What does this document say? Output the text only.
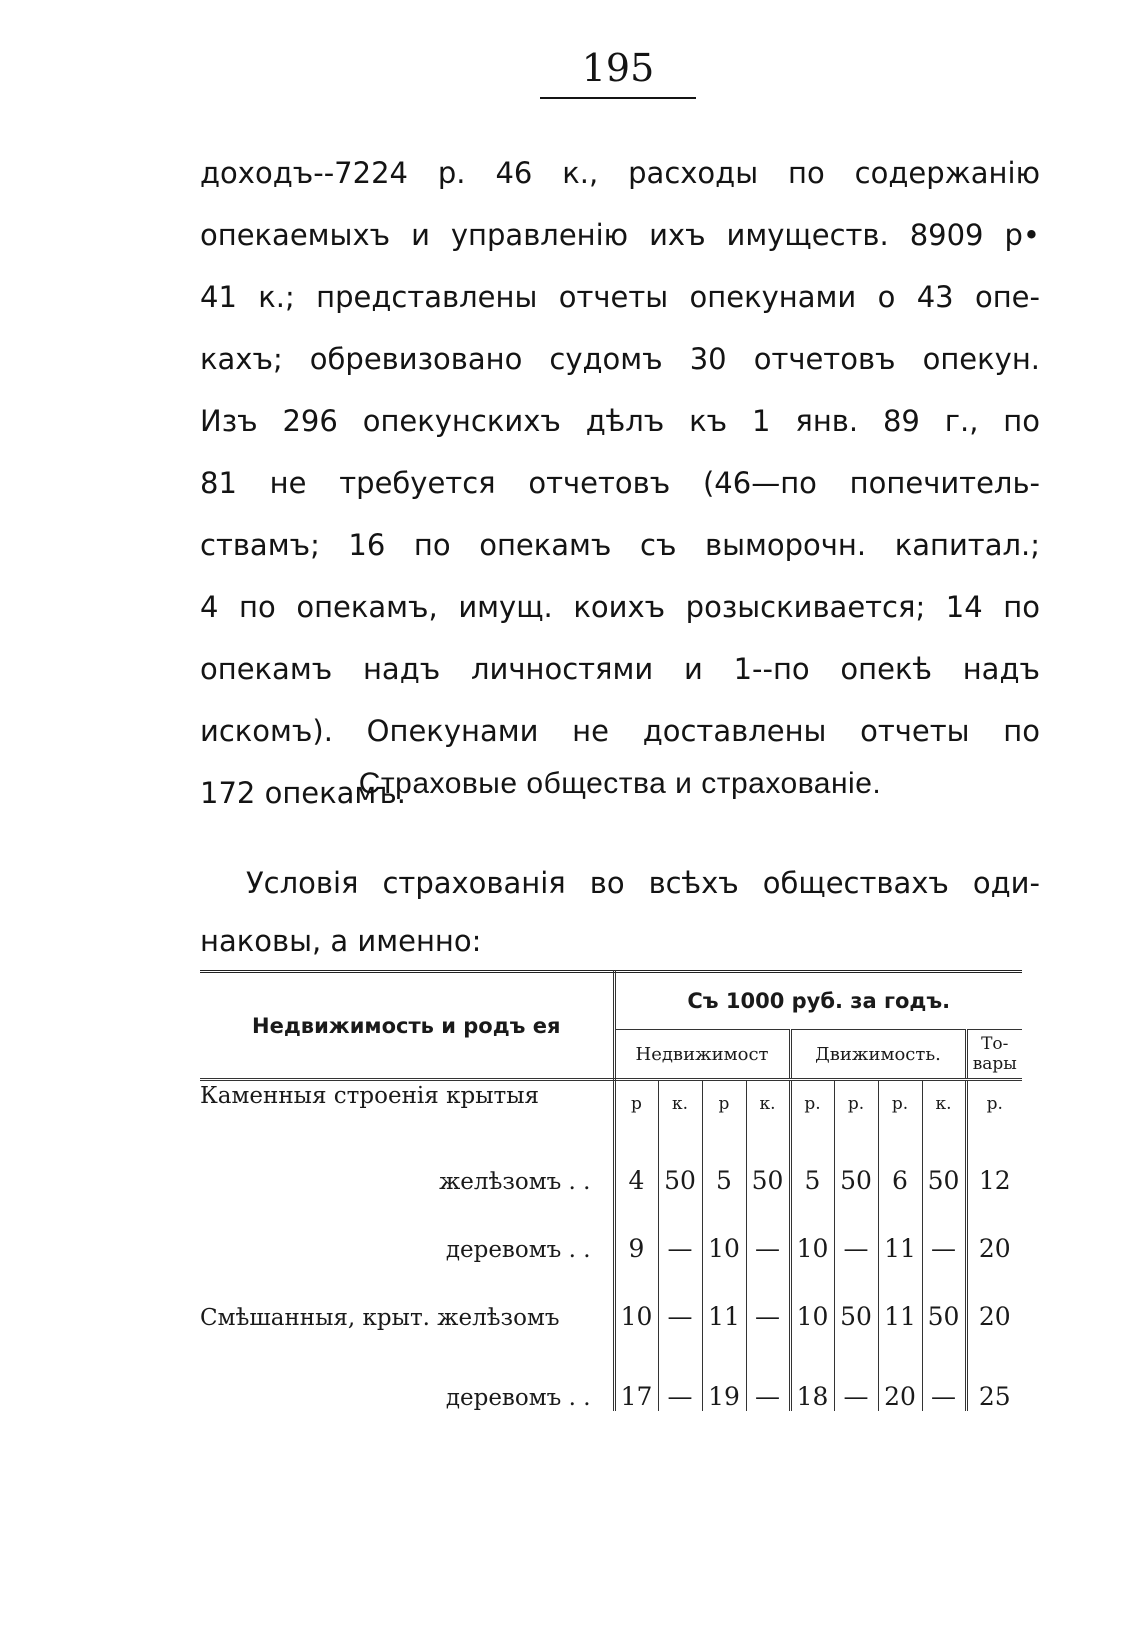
195
доходъ--7224 р. 46 к., расходы по содержанію
опекаемыхъ и управленію ихъ имуществ. 8909 р•
41 к.; представлены отчеты опекунами о 43 опе-
кахъ; обревизовано судомъ 30 отчетовъ опекун.
Изъ 296 опекунскихъ дѣлъ къ 1 янв. 89 г., по
81 не требуется отчетовъ (46—по попечитель-
ствамъ; 16 по опекамъ съ выморочн. капитал.;
4 по опекамъ, имущ. коихъ розыскивается; 14 по
опекамъ надъ личностями и 1--по опекѣ надъ
искомъ). Опекунами не доставлены отчеты по
172 опекамъ.
Страховые общества и страхованіе.
Условія страхованія во всѣхъ обществахъ оди-
наковы, а именно:
Недвижимость и родъ ея	Съ 1000 руб. за годъ.								
	Недвижимост				Движимость.				То-
вары
Каменныя строенія крытыя	р	к.	р	к.	р.	р.	р.	к.	р.
желѣзомъ . .	4	50	5	50	5	50	6	50	12
деревомъ . .	9	—	10	—	10	—	11	—	20
Смѣшанныя, крыт. желѣзомъ	10	—	11	—	10	50	11	50	20
деревомъ . .	17	—	19	—	18	—	20	—	25
